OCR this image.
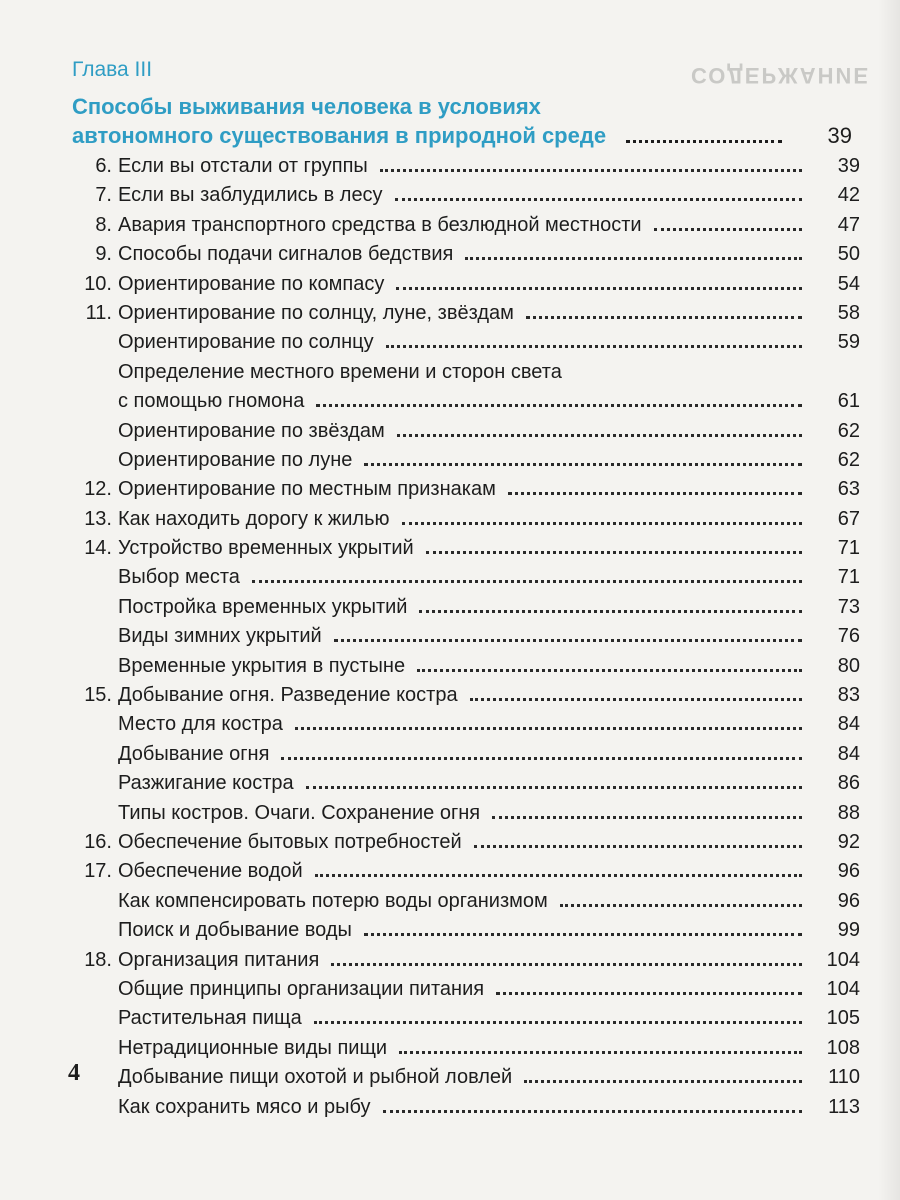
СОДЕРЖАНИЕ
Глава III
Способы выживания человека в условиях
автономного существования в природной среде	39
6. Если вы отстали от группы	39
7. Если вы заблудились в лесу	42
8. Авария транспортного средства в безлюдной местности	47
9. Способы подачи сигналов бедствия	50
10. Ориентирование по компасу	54
11. Ориентирование по солнцу, луне, звёздам	58
Ориентирование по солнцу	59
Определение местного времени и сторон света
с помощью гномона	61
Ориентирование по звёздам	62
Ориентирование по луне	62
12. Ориентирование по местным признакам	63
13. Как находить дорогу к жилью	67
14. Устройство временных укрытий	71
Выбор места	71
Постройка временных укрытий	73
Виды зимних укрытий	76
Временные укрытия в пустыне	80
15. Добывание огня. Разведение костра	83
Место для костра	84
Добывание огня	84
Разжигание костра	86
Типы костров. Очаги. Сохранение огня	88
16. Обеспечение бытовых потребностей	92
17. Обеспечение водой	96
Как компенсировать потерю воды организмом	96
Поиск и добывание воды	99
18. Организация питания	104
Общие принципы организации питания	104
Растительная пища	105
Нетрадиционные виды пищи	108
Добывание пищи охотой и рыбной ловлей	110
Как сохранить мясо и рыбу	113
4
